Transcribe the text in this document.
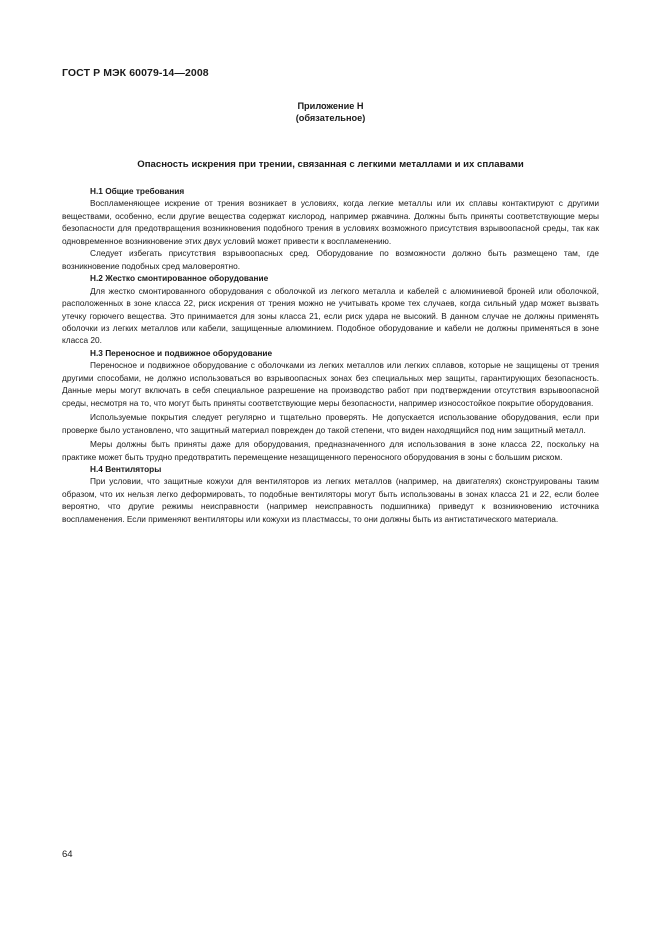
ГОСТ Р МЭК 60079-14—2008
Приложение Н
(обязательное)
Опасность искрения при трении, связанная с легкими металлами и их сплавами
Н.1 Общие требования

Воспламеняющее искрение от трения возникает в условиях, когда легкие металлы или их сплавы контактируют с другими веществами, особенно, если другие вещества содержат кислород, например ржавчина. Должны быть приняты соответствующие меры безопасности для предотвращения возникновения подобного трения в условиях возможного присутствия взрывоопасной среды, так как одновременное возникновение этих двух условий может привести к воспламенению.

Следует избегать присутствия взрывоопасных сред. Оборудование по возможности должно быть размещено там, где возникновение подобных сред маловероятно.

Н.2 Жестко смонтированное оборудование

Для жестко смонтированного оборудования с оболочкой из легкого металла и кабелей с алюминиевой броней или оболочкой, расположенных в зоне класса 22, риск искрения от трения можно не учитывать кроме тех случаев, когда сильный удар может вызвать утечку горючего вещества. Это принимается для зоны класса 21, если риск удара не высокий. В данном случае не должны применять оболочки из легких металлов или кабели, защищенные алюминием. Подобное оборудование и кабели не должны применяться в зоне класса 20.

Н.3 Переносное и подвижное оборудование

Переносное и подвижное оборудование с оболочками из легких металлов или легких сплавов, которые не защищены от трения другими способами, не должно использоваться во взрывоопасных зонах без специальных мер защиты, гарантирующих безопасность. Данные меры могут включать в себя специальное разрешение на производство работ при подтверждении отсутствия взрывоопасной среды, несмотря на то, что могут быть приняты соответствующие меры безопасности, например износостойкое покрытие оборудования.

Используемые покрытия следует регулярно и тщательно проверять. Не допускается использование оборудования, если при проверке было установлено, что защитный материал поврежден до такой степени, что виден находящийся под ним защитный металл.

Меры должны быть приняты даже для оборудования, предназначенного для использования в зоне класса 22, поскольку на практике может быть трудно предотвратить перемещение незащищенного переносного оборудования в зоны с большим риском.

Н.4 Вентиляторы

При условии, что защитные кожухи для вентиляторов из легких металлов (например, на двигателях) сконструированы таким образом, что их нельзя легко деформировать, то подобные вентиляторы могут быть использованы в зонах класса 21 и 22, если более вероятно, что другие режимы неисправности (например неисправность подшипника) приведут к возникновению источника воспламенения. Если применяют вентиляторы или кожухи из пластмассы, то они должны быть из антистатического материала.

64
